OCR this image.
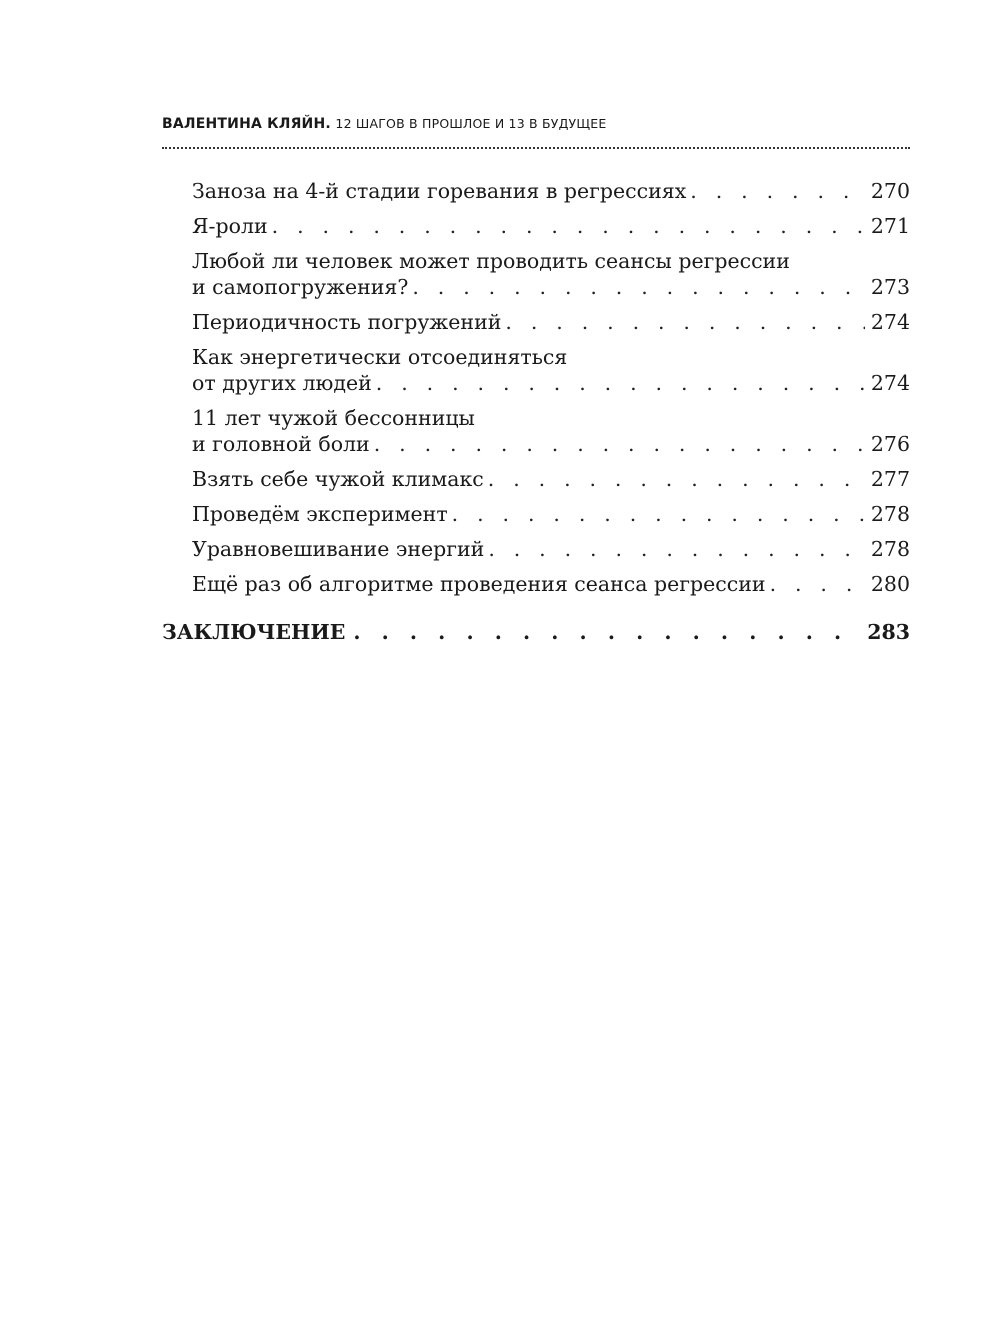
ВАЛЕНТИНА КЛЯЙН. 12 ШАГОВ В ПРОШЛОЕ И 13 В БУДУЩЕЕ
Заноза на 4-й стадии горевания в регрессиях . . .	270
Я-роли . . .	271
Любой ли человек может проводить сеансы регрессии
и самопогружения? . . .	273
Периодичность погружений . . .	274
Как энергетически отсоединяться
от других людей . . .	274
11 лет чужой бессонницы
и головной боли . . .	276
Взять себе чужой климакс . . .	277
Проведём эксперимент . . .	278
Уравновешивание энергий . . .	278
Ещё раз об алгоритме проведения сеанса регрессии . . .	280
ЗАКЛЮЧЕНИЕ . . .	283
